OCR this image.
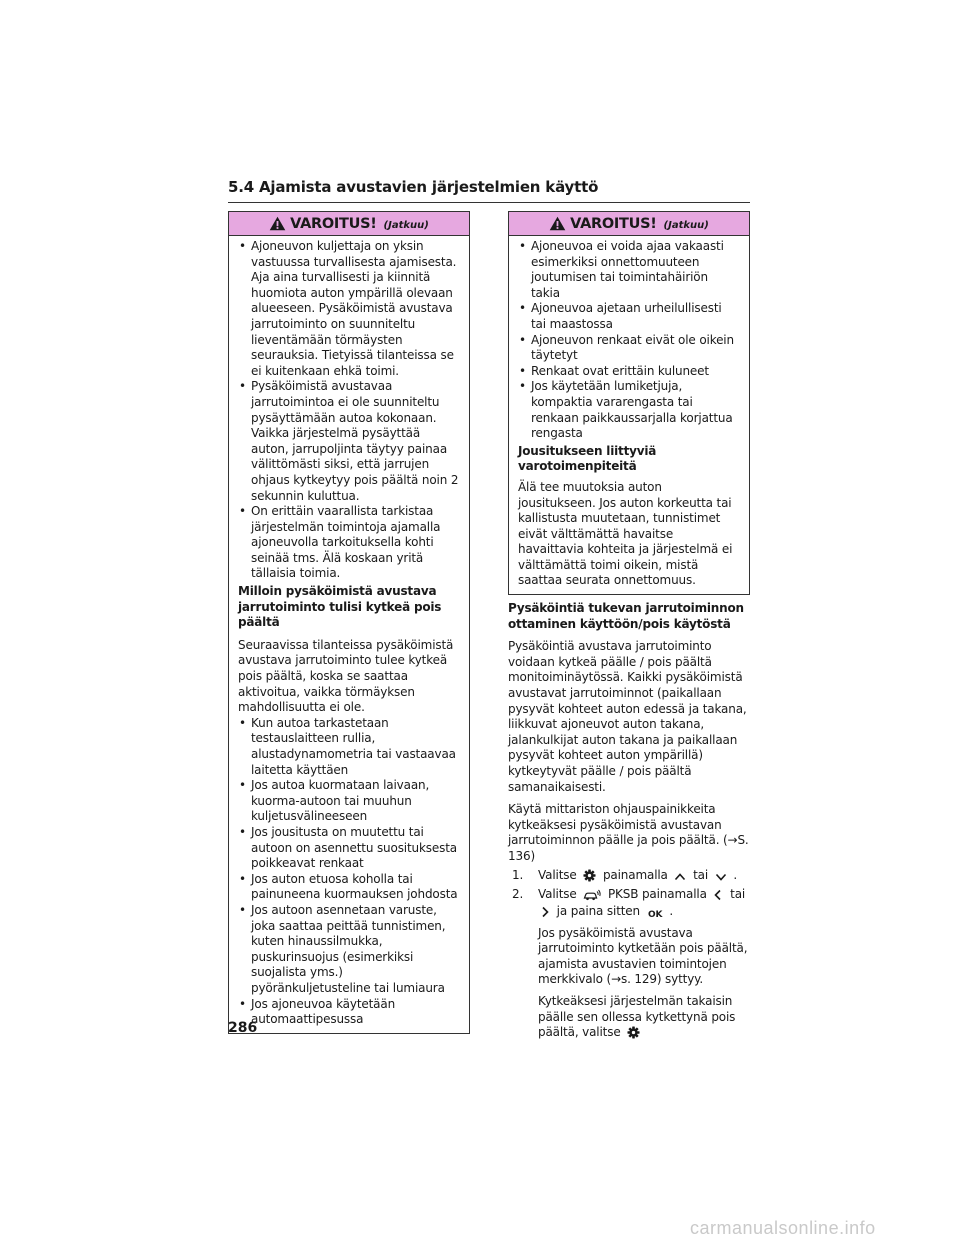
5.4 Ajamista avustavien järjestelmien käyttö
VAROITUS! (Jatkuu)
• Ajoneuvon kuljettaja on yksin vastuussa turvallisesta ajamisesta. Aja aina turvallisesti ja kiinnitä huomiota auton ympärillä olevaan alueeseen. Pysäköimistä avustava jarrutoiminto on suunniteltu lieventämään törmäysten seurauksia. Tietyissä tilanteissa se ei kuitenkaan ehkä toimi.
• Pysäköimistä avustavaa jarrutoimintoa ei ole suunniteltu pysäyttämään autoa kokonaan. Vaikka järjestelmä pysäyttää auton, jarrupoljinta täytyy painaa välittömästi siksi, että jarrujen ohjaus kytkeytyy pois päältä noin 2 sekunnin kuluttua.
• On erittäin vaarallista tarkistaa järjestelmän toimintoja ajamalla ajoneuvolla tarkoituksella kohti seinää tms. Älä koskaan yritä tällaisia toimia.
Milloin pysäköimistä avustava jarrutoiminto tulisi kytkeä pois päältä
Seuraavissa tilanteissa pysäköimistä avustava jarrutoiminto tulee kytkeä pois päältä, koska se saattaa aktivoitua, vaikka törmäyksen mahdollisuutta ei ole.
• Kun autoa tarkastetaan testauslaitteen rullia, alustadynamometria tai vastaavaa laitetta käyttäen
• Jos autoa kuormataan laivaan, kuorma-autoon tai muuhun kuljetusvälineeseen
• Jos jousitusta on muutettu tai autoon on asennettu suosituksesta poikkeavat renkaat
• Jos auton etuosa koholla tai painuneena kuormauksen johdosta
• Jos autoon asennetaan varuste, joka saattaa peittää tunnistimen, kuten hinaussilmukka, puskurinsuojus (esimerkiksi suojalista yms.) pyöränkuljetusteline tai lumiaura
• Jos ajoneuvoa käytetään automaattipesussa
VAROITUS! (Jatkuu)
• Ajoneuvoa ei voida ajaa vakaasti esimerkiksi onnettomuuteen joutumisen tai toimintahäiriön takia
• Ajoneuvoa ajetaan urheilullisesti tai maastossa
• Ajoneuvon renkaat eivät ole oikein täytetyt
• Renkaat ovat erittäin kuluneet
• Jos käytetään lumiketjuja, kompaktia vararengasta tai renkaan paikkaussarjalla korjattua rengasta
Jousitukseen liittyviä varotoimenpiteitä
Älä tee muutoksia auton jousitukseen. Jos auton korkeutta tai kallistusta muutetaan, tunnistimet eivät välttämättä havaitse havaittavia kohteita ja järjestelmä ei välttämättä toimi oikein, mistä saattaa seurata onnettomuus.
Pysäköintiä tukevan jarrutoiminnon ottaminen käyttöön/pois käytöstä
Pysäköintiä avustava jarrutoiminto voidaan kytkeä päälle / pois päältä monitoiminäytössä. Kaikki pysäköimistä avustavat jarrutoiminnot (paikallaan pysyvät kohteet auton edessä ja takana, liikkuvat ajoneuvot auton takana, jalankulkijat auton takana ja paikallaan pysyvät kohteet auton ympärillä) kytkeytyvät päälle / pois päältä samanaikaisesti.
Käytä mittariston ohjauspainikkeita kytkeäksesi pysäköimistä avustavan jarrutoiminnon päälle ja pois päältä. (→S. 136)
1. Valitse painamalla tai .
2. Valitse	PKSB painamalla tai
ja paina sitten OK .
Jos pysäköimistä avustava jarrutoiminto kytketään pois päältä, ajamista avustavien toimintojen merkkivalo (→s. 129) syttyy.
Kytkeäksesi järjestelmän takaisin päälle sen ollessa kytkettynä pois päältä, valitse
286
carmanualsonline.info
